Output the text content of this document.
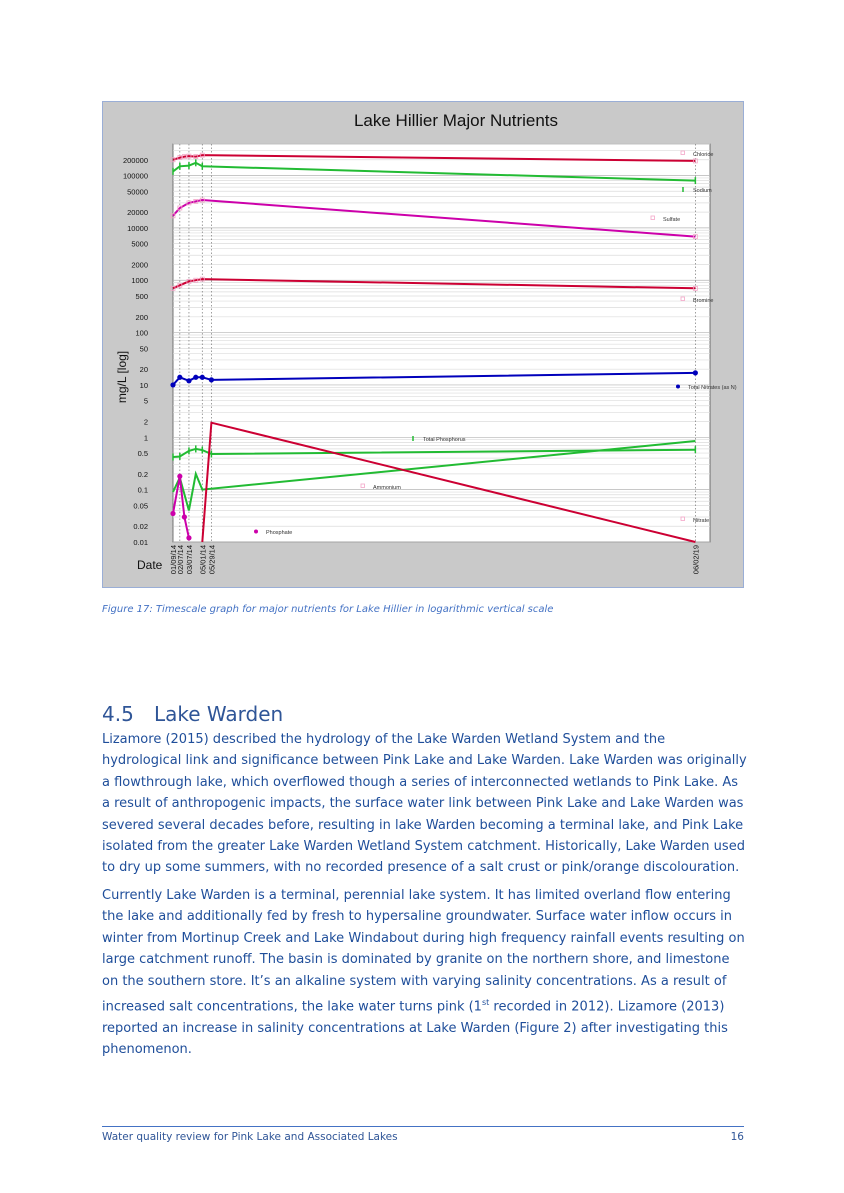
Lake Hillier Major Nutrients
mg/L [log]
Date
200000
100000
50000
20000
10000
5000
2000
1000
500
200
100
50
20
10
5
2
1
0.5
0.2
0.1
0.05
0.02
0.01
01/09/14
02/07/14 03/07/14 05/01/14 05/29/14	06/02/19
Chloride
Sodium
Sulfate
Bromine
Total Nitrates (as N)
Total Phosphorus
Ammonium
Nitrate
Phosphate
Figure 17: Timescale graph for major nutrients for Lake Hillier in logarithmic vertical scale
4.5 Lake Warden

Lizamore (2015) described the hydrology of the Lake Warden Wetland System and the hydrological link and significance between Pink Lake and Lake Warden. Lake Warden was originally a flowthrough lake, which overflowed though a series of interconnected wetlands to Pink Lake. As a result of anthropogenic impacts, the surface water link between Pink Lake and Lake Warden was severed several decades before, resulting in lake Warden becoming a terminal lake, and Pink Lake isolated from the greater Lake Warden Wetland System catchment. Historically, Lake Warden used to dry up some summers, with no recorded presence of a salt crust or pink/orange discolouration.

Currently Lake Warden is a terminal, perennial lake system. It has limited overland flow entering the lake and additionally fed by fresh to hypersaline groundwater. Surface water inflow occurs in winter from Mortinup Creek and Lake Windabout during high frequency rainfall events resulting on large catchment runoff. The basin is dominated by granite on the northern shore, and limestone on the southern store. It’s an alkaline system with varying salinity concentrations. As a result of increased salt concentrations, the lake water turns pink (1st recorded in 2012). Lizamore (2013) reported an increase in salinity concentrations at Lake Warden (Figure 2) after investigating this phenomenon.

Water quality review for Pink Lake and Associated Lakes	16
